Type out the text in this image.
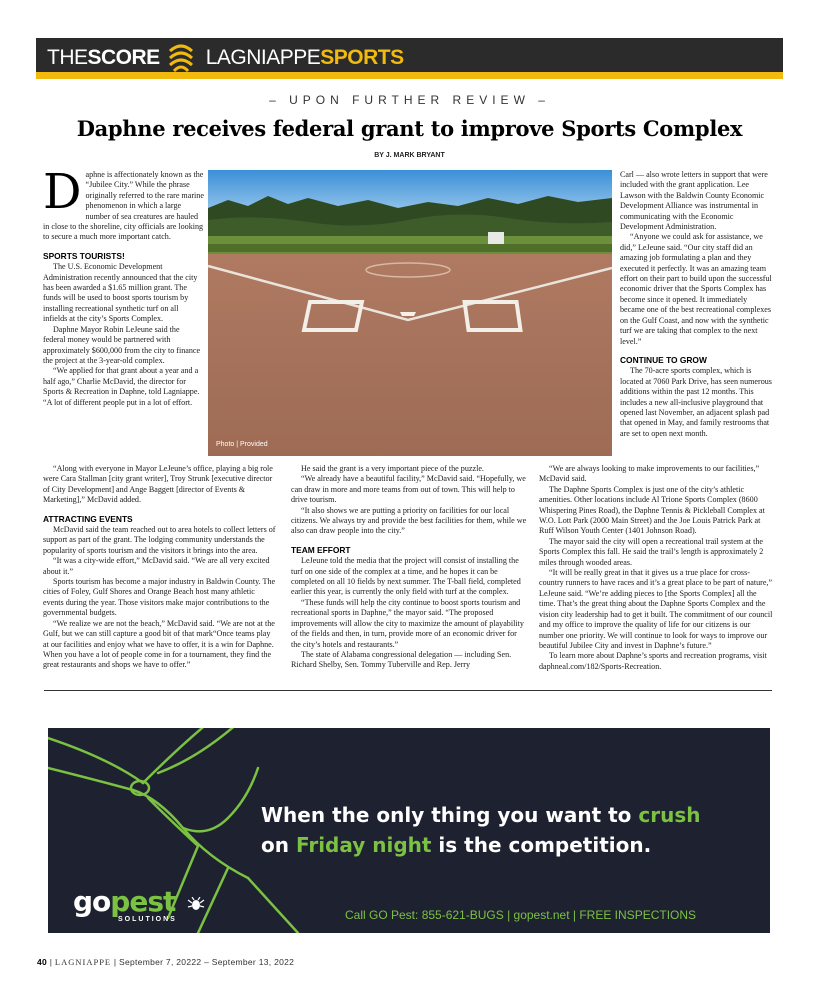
THE SCORE LAGNIAPPE SPORTS
– UPON FURTHER REVIEW –
Daphne receives federal grant to improve Sports Complex
BY J. MARK BRYANT
D aphne is affectionately known as the “Jubilee City.” While the phrase originally referred to the rare marine phenomenon in which a large number of sea creatures are hauled in close to the shoreline, city officials are looking to secure a much more important catch.

SPORTS TOURISTS!

The U.S. Economic Development Administration recently announced that the city has been awarded a $1.65 million grant. The funds will be used to boost sports tourism by installing recreational synthetic turf on all infields at the city’s Sports Complex.

Daphne Mayor Robin LeJeune said the federal money would be partnered with approximately $600,000 from the city to finance the project at the 3-year-old complex.

“We applied for that grant about a year and a half ago,” Charlie McDavid, the director for Sports & Recreation in Daphne, told Lagniappe. “A lot of different people put in a lot of effort.

“Along with everyone in Mayor LeJeune’s office, playing a big role were Cara Stallman [city grant writer], Troy Strunk [executive director of City Development] and Ange Baggett [director of Events & Marketing],” McDavid added.

ATTRACTING EVENTS

McDavid said the team reached out to area hotels to collect letters of support as part of the grant. The lodging community understands the popularity of sports tourism and the visitors it brings into the area.

“It was a city-wide effort,” McDavid said. “We are all very excited about it.”

Sports tourism has become a major industry in Baldwin County. The cities of Foley, Gulf Shores and Orange Beach host many athletic events during the year. Those visitors make major contributions to the governmental budgets.

“We realize we are not the beach,” McDavid said. “We are not at the Gulf, but we can still capture a good bit of that mark“Once teams play at our facilities and enjoy what we have to offer, it is a win for Daphne. When you have a lot of people come in for a tournament, they find the great restaurants and shops we have to offer.”

Photo | Provided

He said the grant is a very important piece of the puzzle.

“We already have a beautiful facility,” McDavid said. “Hopefully, we can draw in more and more teams from out of town. This will help to drive tourism.

“It also shows we are putting a priority on facilities for our local citizens. We always try and provide the best facilities for them, while we also can draw people into the city.”

TEAM EFFORT

LeJeune told the media that the project will consist of installing the turf on one side of the complex at a time, and he hopes it can be completed on all 10 fields by next summer. The T-ball field, completed earlier this year, is currently the only field with turf at the complex.

“These funds will help the city continue to boost sports tourism and recreational sports in Daphne,” the mayor said. “The proposed improvements will allow the city to maximize the amount of playability of the fields and then, in turn, provide more of an economic driver for the city’s hotels and restaurants.”

The state of Alabama congressional delegation — including Sen. Richard Shelby, Sen. Tommy Tuberville and Rep. Jerry

Carl — also wrote letters in support that were included with the grant application. Lee Lawson with the Baldwin County Economic Development Alliance was instrumental in communicating with the Economic Development Administration.

“Anyone we could ask for assistance, we did,” LeJeune said. “Our city staff did an amazing job formulating a plan and they executed it perfectly. It was an amazing team effort on their part to build upon the successful economic driver that the Sports Complex has become since it opened. It immediately became one of the best recreational complexes on the Gulf Coast, and now with the synthetic turf we are taking that complex to the next level.”

CONTINUE TO GROW

The 70-acre sports complex, which is located at 7060 Park Drive, has seen numerous additions within the past 12 months. This includes a new all-inclusive playground that opened last November, an adjacent splash pad that opened in May, and family restrooms that are set to open next month.

“We are always looking to make improvements to our facilities,” McDavid said.

The Daphne Sports Complex is just one of the city’s athletic amenities. Other locations include Al Trione Sports Complex (8600 Whispering Pines Road), the Daphne Tennis & Pickleball Complex at W.O. Lott Park (2000 Main Street) and the Joe Louis Patrick Park at Ruff Wilson Youth Center (1401 Johnson Road).

The mayor said the city will open a recreational trail system at the Sports Complex this fall. He said the trail’s length is approximately 2 miles through wooded areas.

“It will be really great in that it gives us a true place for cross-country runners to have races and it’s a great place to be part of nature,” LeJeune said. “We’re adding pieces to [the Sports Complex] all the time. That’s the great thing about the Daphne Sports Complex and the vision city leadership had to get it built. The commitment of our council and my office to improve the quality of life for our citizens is our number one priority. We will continue to look for ways to improve our beautiful Jubilee City and invest in Daphne’s future.”

To learn more about Daphne’s sports and recreation programs, visit daphneal.com/182/Sports-Recreation.

When the only thing you want to crush
on Friday night is the competition.
gopest
SOLUTIONS	Call GO Pest: 855-621-BUGS | gopest.net | FREE INSPECTIONS
40 | LAGNIAPPE | September 7, 20222 – September 13, 2022
